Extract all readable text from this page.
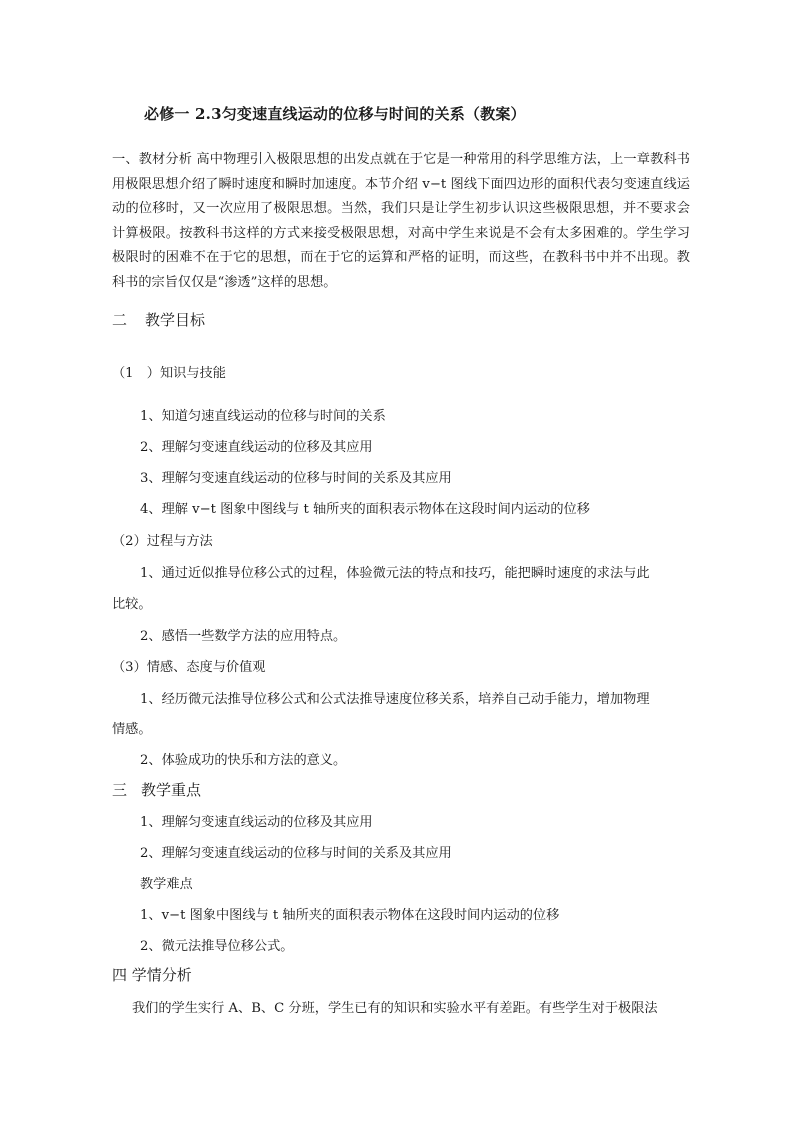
必修一 2.3匀变速直线运动的位移与时间的关系（教案）
一、教材分析 高中物理引入极限思想的出发点就在于它是一种常用的科学思维方法，上一章教科书用极限思想介绍了瞬时速度和瞬时加速度。本节介绍 v−t 图线下面四边形的面积代表匀变速直线运动的位移时，又一次应用了极限思想。当然，我们只是让学生初步认识这些极限思想，并不要求会计算极限。按教科书这样的方式来接受极限思想，对高中学生来说是不会有太多困难的。学生学习极限时的困难不在于它的思想，而在于它的运算和严格的证明，而这些，在教科书中并不出现。教科书的宗旨仅仅是“渗透”这样的思想。
二 教学目标
（1　）知识与技能
1、知道匀速直线运动的位移与时间的关系
2、理解匀变速直线运动的位移及其应用
3、理解匀变速直线运动的位移与时间的关系及其应用
4、理解 v−t 图象中图线与 t 轴所夹的面积表示物体在这段时间内运动的位移
（2）过程与方法
1、通过近似推导位移公式的过程，体验微元法的特点和技巧，能把瞬时速度的求法与此
比较。
2、感悟一些数学方法的应用特点。
（3）情感、态度与价值观
1、经历微元法推导位移公式和公式法推导速度位移关系，培养自己动手能力，增加物理
情感。
2、体验成功的快乐和方法的意义。
三 教学重点
1、理解匀变速直线运动的位移及其应用
2、理解匀变速直线运动的位移与时间的关系及其应用
教学难点
1、v−t 图象中图线与 t 轴所夹的面积表示物体在这段时间内运动的位移
2、微元法推导位移公式。
四 学情分析
我们的学生实行 A、B、C 分班，学生已有的知识和实验水平有差距。有些学生对于极限法
